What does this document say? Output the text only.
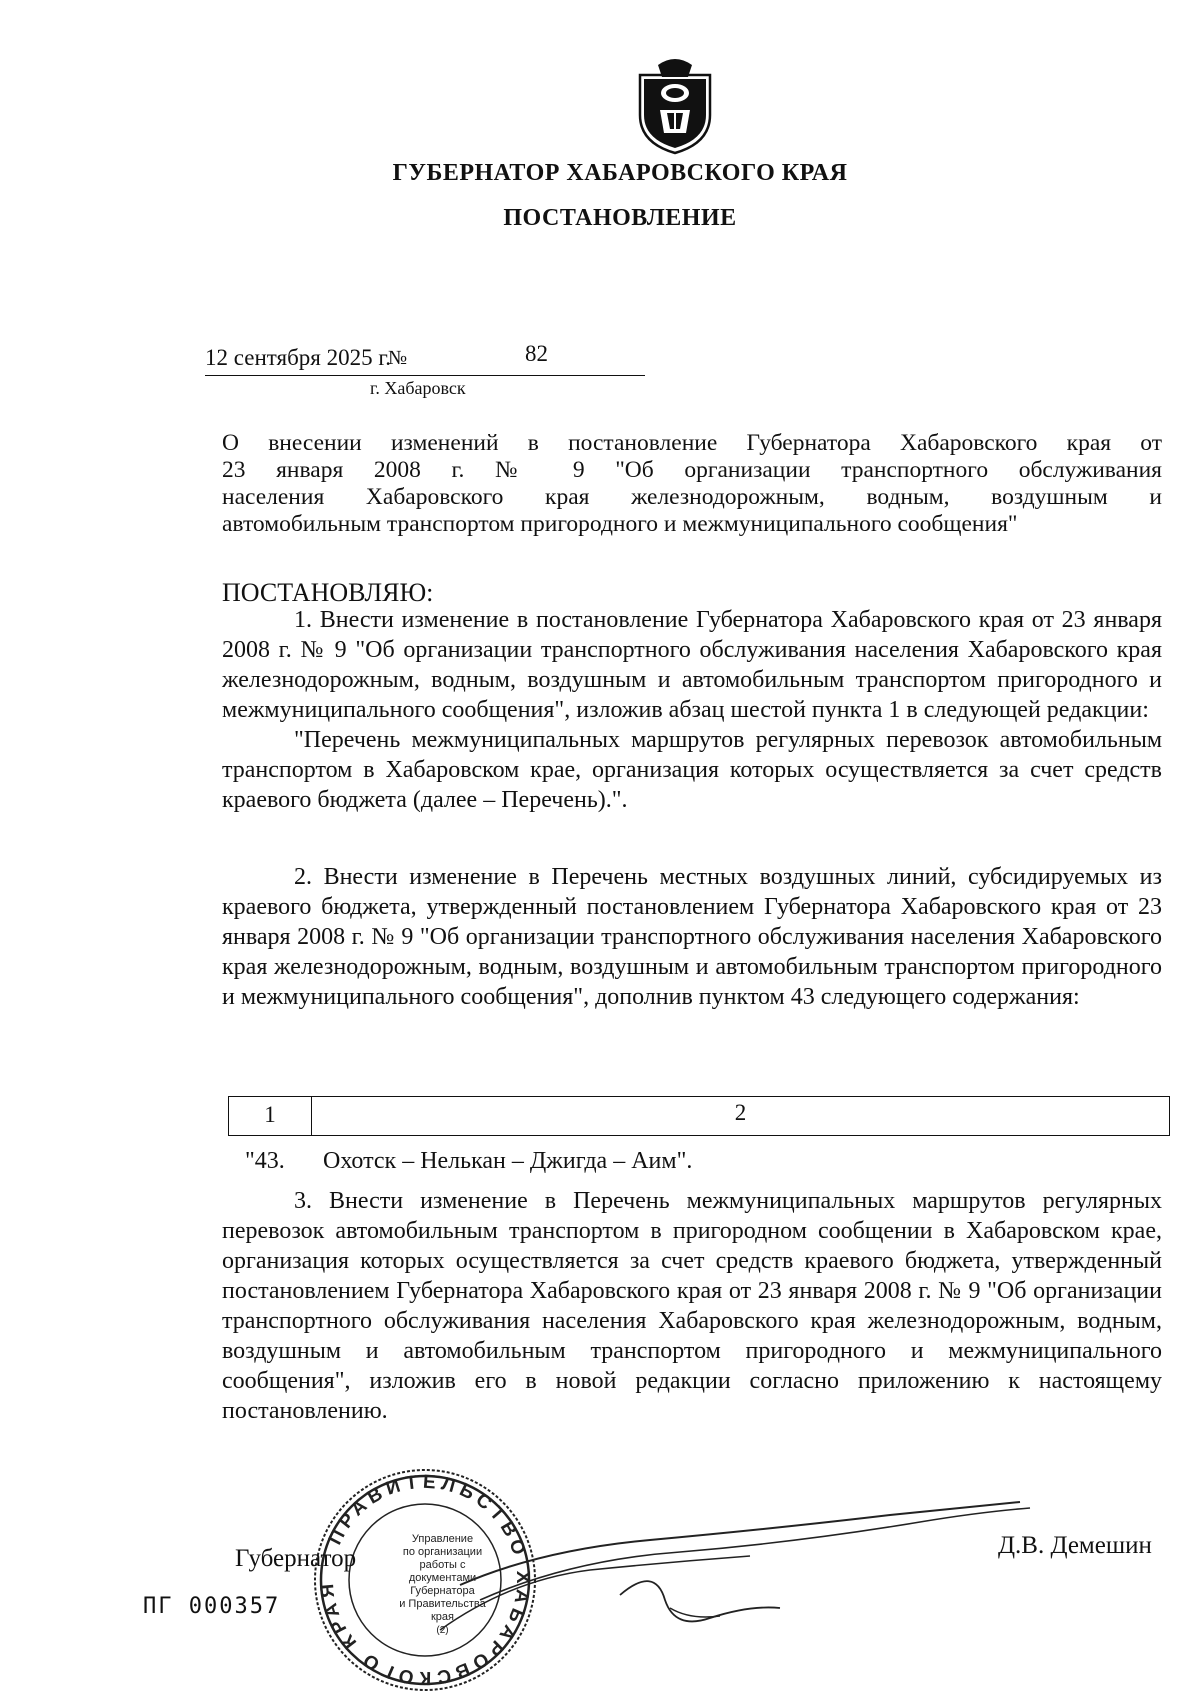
ГУБЕРНАТОР ХАБАРОВСКОГО КРАЯ
ПОСТАНОВЛЕНИЕ
12 сентября 2025 г.
№	82
г. Хабаровск
О внесении изменений в постановление Губернатора Хабаровского края от
23 января 2008 г. № 9 "Об организации транспортного обслуживания
населения Хабаровского края железнодорожным, водным, воздушным и
автомобильным транспортом пригородного и межмуниципального сообщения"
ПОСТАНОВЛЯЮ:
1. Внести изменение в постановление Губернатора Хабаровского края от 23 января 2008 г. № 9 "Об организации транспортного обслуживания населения Хабаровского края железнодорожным, водным, воздушным и автомобильным транспортом пригородного и межмуниципального сообщения", изложив абзац шестой пункта 1 в следующей редакции:
"Перечень межмуниципальных маршрутов регулярных перевозок автомобильным транспортом в Хабаровском крае, организация которых осуществляется за счет средств краевого бюджета (далее – Перечень).".
2. Внести изменение в Перечень местных воздушных линий, субсидируемых из краевого бюджета, утвержденный постановлением Губернатора Хабаровского края от 23 января 2008 г. № 9 "Об организации транспортного обслуживания населения Хабаровского края железнодорожным, водным, воздушным и автомобильным транспортом пригородного и межмуниципального сообщения", дополнив пунктом 43 следующего содержания:
1	2
"43. Охотск – Нелькан – Джигда – Аим".
3. Внести изменение в Перечень межмуниципальных маршрутов регулярных перевозок автомобильным транспортом в пригородном сообщении в Хабаровском крае, организация которых осуществляется за счет средств краевого бюджета, утвержденный постановлением Губернатора Хабаровского края от 23 января 2008 г. № 9 "Об организации транспортного обслуживания населения Хабаровского края железнодорожным, водным, воздушным и автомобильным транспортом пригородного и межмуниципального сообщения", изложив его в новой редакции согласно приложению к настоящему постановлению.
ПРАВИТЕЛЬСТВО ХАБАРОВСКОГО КРАЯ
Управление
по организации
работы с документами
Губернатора
и Правительства
края
(2)
Губернатор	Д.В. Демешин
ПГ 000357
